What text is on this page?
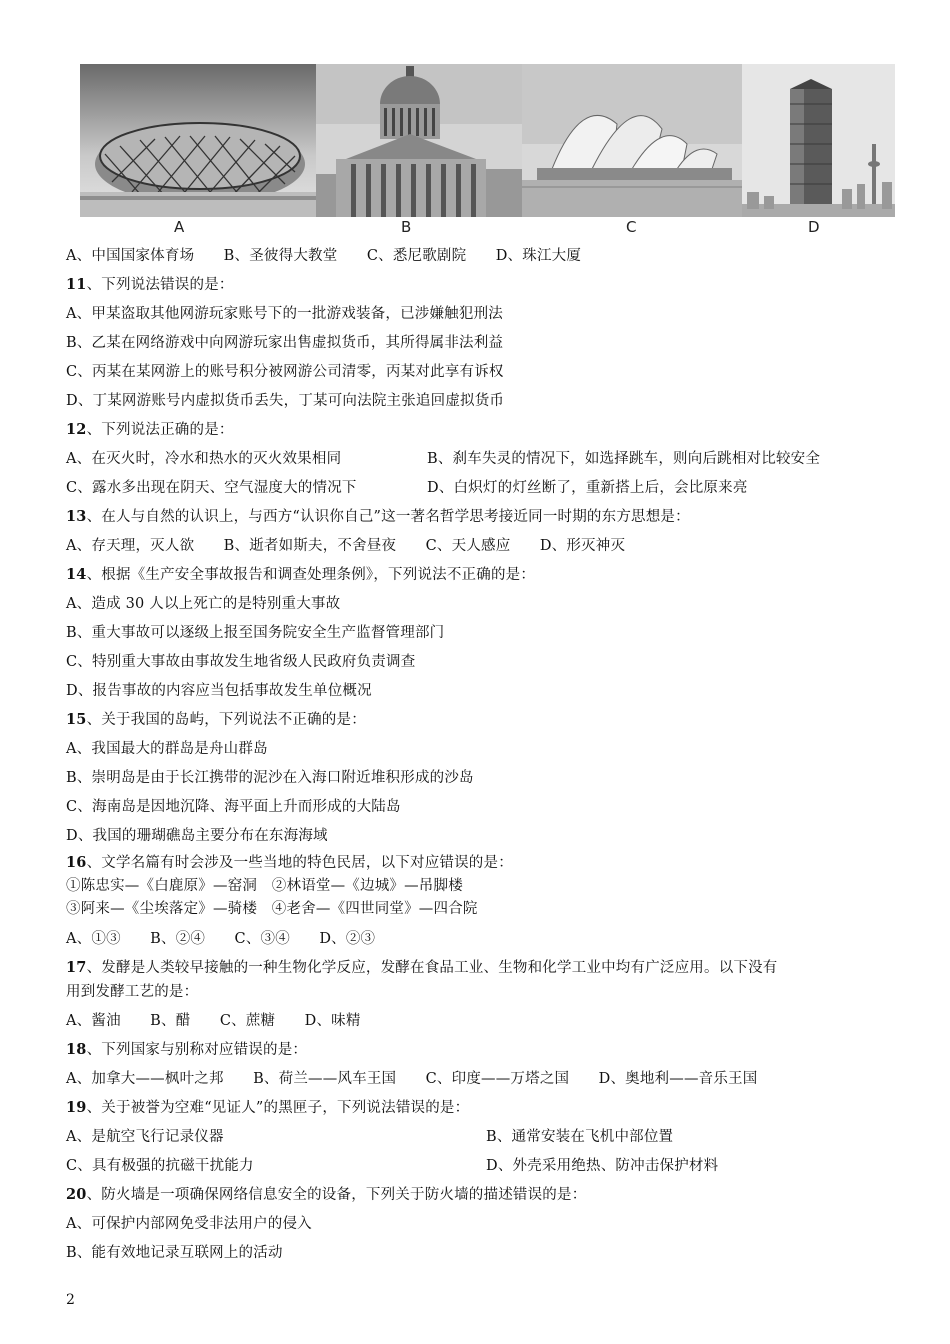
A	B	C	D
A、中国国家体育场　　B、圣彼得大教堂　　C、悉尼歌剧院　　D、珠江大厦
11、下列说法错误的是：
A、甲某盗取其他网游玩家账号下的一批游戏装备，已涉嫌触犯刑法
B、乙某在网络游戏中向网游玩家出售虚拟货币，其所得属非法利益
C、丙某在某网游上的账号积分被网游公司清零，丙某对此享有诉权
D、丁某网游账号内虚拟货币丢失，丁某可向法院主张追回虚拟货币
12、下列说法正确的是：
A、在灭火时，冷水和热水的灭火效果相同	B、刹车失灵的情况下，如选择跳车，则向后跳相对比较安全
C、露水多出现在阴天、空气湿度大的情况下	D、白炽灯的灯丝断了，重新搭上后，会比原来亮
13、在人与自然的认识上，与西方“认识你自己”这一著名哲学思考接近同一时期的东方思想是：
A、存天理，灭人欲　　B、逝者如斯夫，不舍昼夜　　C、天人感应　　D、形灭神灭
14、根据《生产安全事故报告和调查处理条例》，下列说法不正确的是：
A、造成 30 人以上死亡的是特别重大事故
B、重大事故可以逐级上报至国务院安全生产监督管理部门
C、特别重大事故由事故发生地省级人民政府负责调查
D、报告事故的内容应当包括事故发生单位概况
15、关于我国的岛屿，下列说法不正确的是：
A、我国最大的群岛是舟山群岛
B、崇明岛是由于长江携带的泥沙在入海口附近堆积形成的沙岛
C、海南岛是因地沉降、海平面上升而形成的大陆岛
D、我国的珊瑚礁岛主要分布在东海海域
16、文学名篇有时会涉及一些当地的特色民居，以下对应错误的是：
①陈忠实—《白鹿原》—窑洞　②林语堂—《边城》—吊脚楼
③阿来—《尘埃落定》—骑楼　④老舍—《四世同堂》—四合院
A、①③　　B、②④　　C、③④　　D、②③
17、发酵是人类较早接触的一种生物化学反应，发酵在食品工业、生物和化学工业中均有广泛应用。以下没有
用到发酵工艺的是：
A、酱油　　B、醋　　C、蔗糖　　D、味精
18、下列国家与别称对应错误的是：
A、加拿大——枫叶之邦　　B、荷兰——风车王国　　C、印度——万塔之国　　D、奥地利——音乐王国
19、关于被誉为空难“见证人”的黑匣子，下列说法错误的是：
A、是航空飞行记录仪器	B、通常安装在飞机中部位置
C、具有极强的抗磁干扰能力	D、外壳采用绝热、防冲击保护材料
20、防火墙是一项确保网络信息安全的设备，下列关于防火墙的描述错误的是：
A、可保护内部网免受非法用户的侵入
B、能有效地记录互联网上的活动
2
